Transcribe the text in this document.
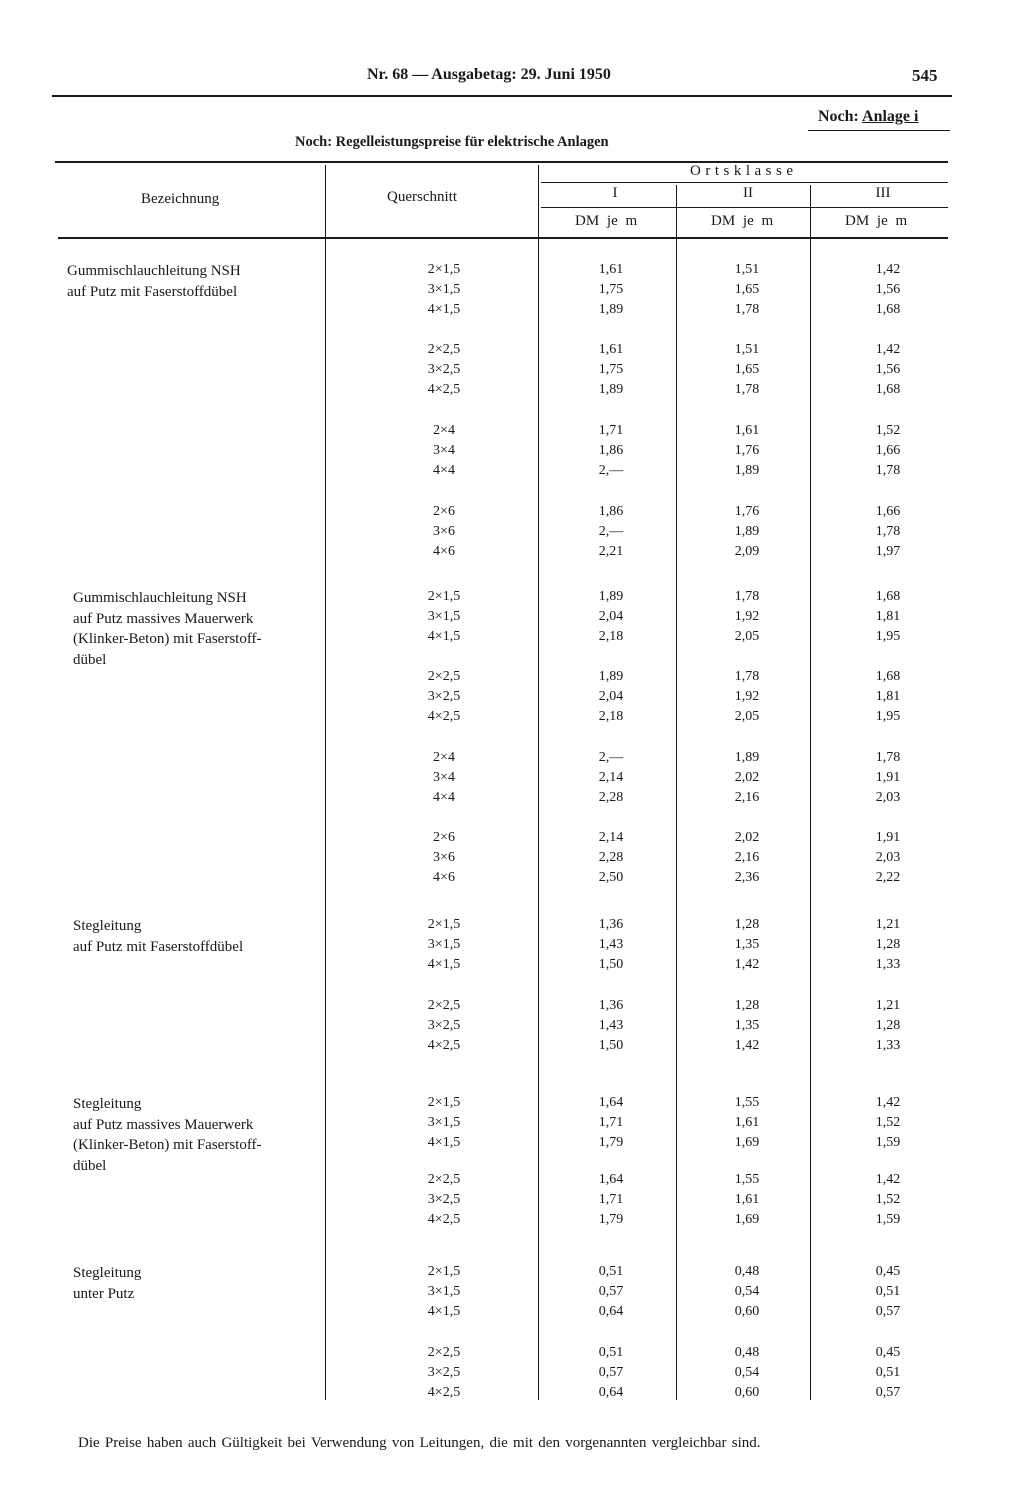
Nr. 68 — Ausgabetag: 29. Juni 1950	545
Noch: Anlage i
Noch: Regelleistungspreise für elektrische Anlagen
Bezeichnung	Querschnitt
Ortsklasse
I	II	III
DM je m	DM je m	DM je m
Gummischlauchleitung NSH
auf Putz mit Faserstoffdübel
2×1,5	1,61	1,51	1,42
3×1,5	1,75	1,65	1,56
4×1,5	1,89	1,78	1,68
2×2,5	1,61	1,51	1,42
3×2,5	1,75	1,65	1,56
4×2,5	1,89	1,78	1,68
2×4	1,71	1,61	1,52
3×4	1,86	1,76	1,66
4×4	2,—	1,89	1,78
2×6	1,86	1,76	1,66
3×6	2,—	1,89	1,78
4×6	2,21	2,09	1,97
Gummischlauchleitung NSH
auf Putz massives Mauerwerk
(Klinker-Beton) mit Faserstoff-
dübel
2×1,5	1,89	1,78	1,68
3×1,5	2,04	1,92	1,81
4×1,5	2,18	2,05	1,95
2×2,5	1,89	1,78	1,68
3×2,5	2,04	1,92	1,81
4×2,5	2,18	2,05	1,95
2×4	2,—	1,89	1,78
3×4	2,14	2,02	1,91
4×4	2,28	2,16	2,03
2×6	2,14	2,02	1,91
3×6	2,28	2,16	2,03
4×6	2,50	2,36	2,22
Stegleitung
auf Putz mit Faserstoffdübel
2×1,5	1,36	1,28	1,21
3×1,5	1,43	1,35	1,28
4×1,5	1,50	1,42	1,33
2×2,5	1,36	1,28	1,21
3×2,5	1,43	1,35	1,28
4×2,5	1,50	1,42	1,33
Stegleitung
auf Putz massives Mauerwerk
(Klinker-Beton) mit Faserstoff-
dübel
2×1,5	1,64	1,55	1,42
3×1,5	1,71	1,61	1,52
4×1,5	1,79	1,69	1,59
2×2,5	1,64	1,55	1,42
3×2,5	1,71	1,61	1,52
4×2,5	1,79	1,69	1,59
Stegleitung
unter Putz
2×1,5	0,51	0,48	0,45
3×1,5	0,57	0,54	0,51
4×1,5	0,64	0,60	0,57
2×2,5	0,51	0,48	0,45
3×2,5	0,57	0,54	0,51
4×2,5	0,64	0,60	0,57
Die Preise haben auch Gültigkeit bei Verwendung von Leitungen, die mit den vorgenannten vergleichbar sind.
